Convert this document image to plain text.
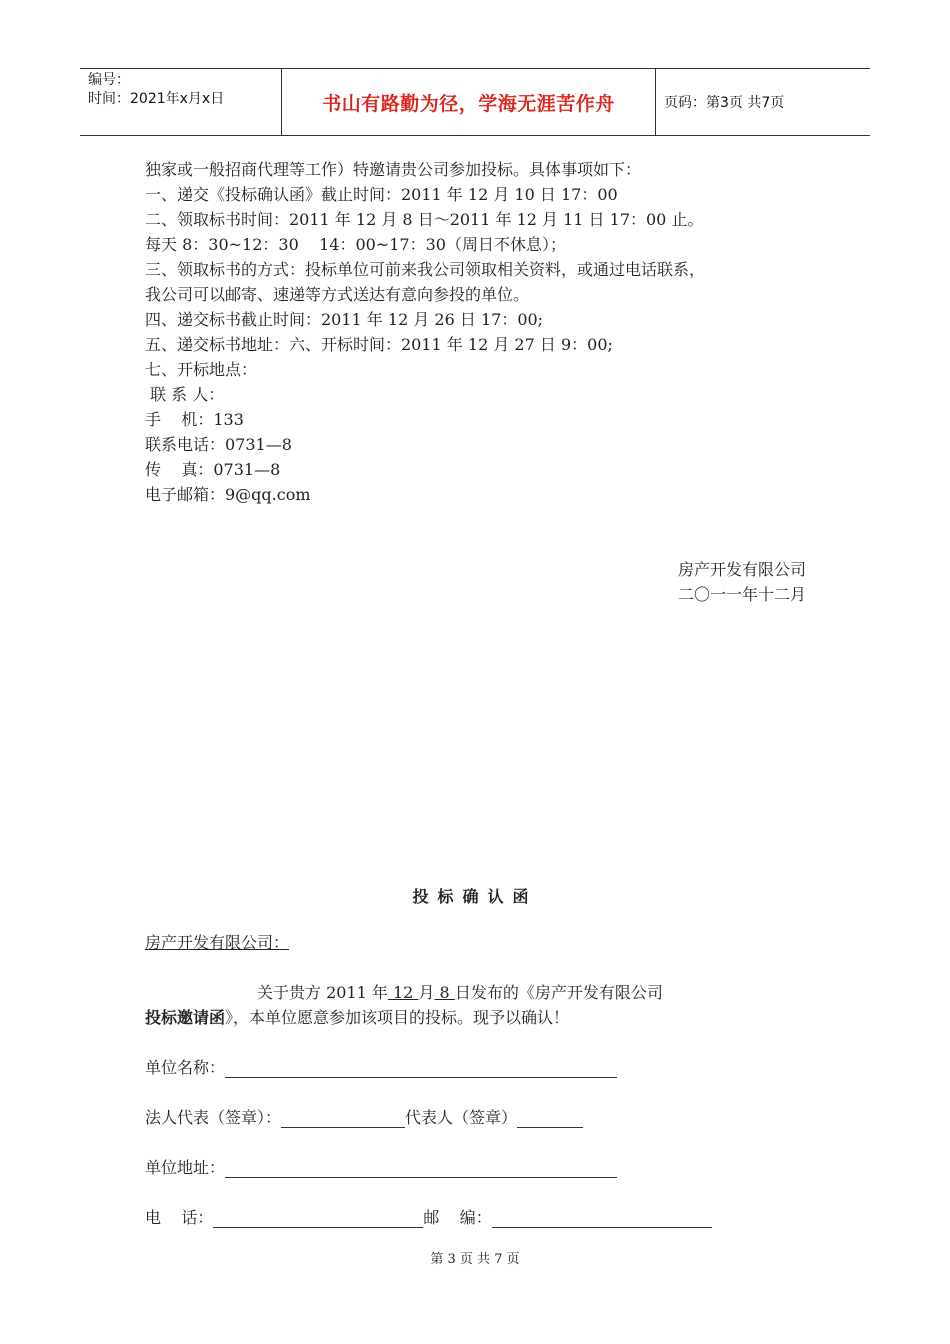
编号：
时间：2021年x月x日	书山有路勤为径，学海无涯苦作舟	页码：第3页 共7页
独家或一般招商代理等工作）特邀请贵公司参加投标。具体事项如下：
一、递交《投标确认函》截止时间：2011 年 12 月 10 日 17：00
二、领取标书时间：2011 年 12 月 8 日～2011 年 12 月 11 日 17：00 止。
每天 8：30~12：30    14：00~17：30（周日不休息）；
三、领取标书的方式：投标单位可前来我公司领取相关资料，或通过电话联系，
我公司可以邮寄、速递等方式送达有意向参投的单位。
四、递交标书截止时间：2011 年 12 月 26 日 17：00;
五、递交标书地址：六、开标时间：2011 年 12 月 27 日 9：00;
七、开标地点：
联 系 人：
手    机：133
联系电话：0731—8
传    真：0731—8
电子邮箱：9@qq.com
房产开发有限公司
二〇一一年十二月
投标确认函
房产开发有限公司：
关于贵方 2011 年 12 月 8 日发布的《房产开发有限公司
投标邀请函》，本单位愿意参加该项目的投标。现予以确认！
单位名称：
法人代表（签章）：	代表人（签章）
单位地址：
电    话：	邮    编：
第 3 页 共 7 页
